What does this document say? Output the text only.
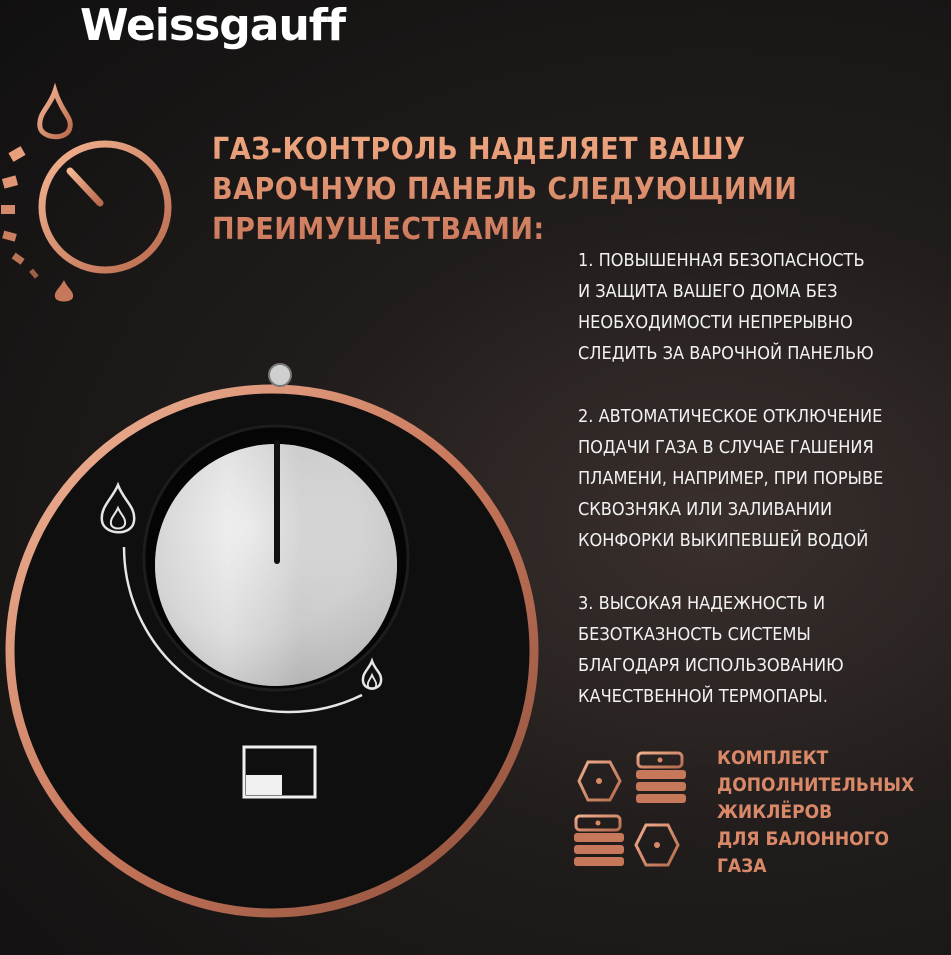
Weissgauff
ГАЗ-КОНТРОЛЬ НАДЕЛЯЕТ ВАШУ
ВАРОЧНУЮ ПАНЕЛЬ СЛЕДУЮЩИМИ
ПРЕИМУЩЕСТВАМИ:
1. ПОВЫШЕННАЯ БЕЗОПАСНОСТЬ
И ЗАЩИТА ВАШЕГО ДОМА БЕЗ
НЕОБХОДИМОСТИ НЕПРЕРЫВНО
СЛЕДИТЬ ЗА ВАРОЧНОЙ ПАНЕЛЬЮ
2. АВТОМАТИЧЕСКОЕ ОТКЛЮЧЕНИЕ
ПОДАЧИ ГАЗА В СЛУЧАЕ ГАШЕНИЯ
ПЛАМЕНИ, НАПРИМЕР, ПРИ ПОРЫВЕ
СКВОЗНЯКА ИЛИ ЗАЛИВАНИИ
КОНФОРКИ ВЫКИПЕВШЕЙ ВОДОЙ
3. ВЫСОКАЯ НАДЕЖНОСТЬ И
БЕЗОТКАЗНОСТЬ СИСТЕМЫ
БЛАГОДАРЯ ИСПОЛЬЗОВАНИЮ
КАЧЕСТВЕННОЙ ТЕРМОПАРЫ.
КОМПЛЕКТ
ДОПОЛНИТЕЛЬНЫХ
ЖИКЛЁРОВ
ДЛЯ БАЛОННОГО
ГАЗА
